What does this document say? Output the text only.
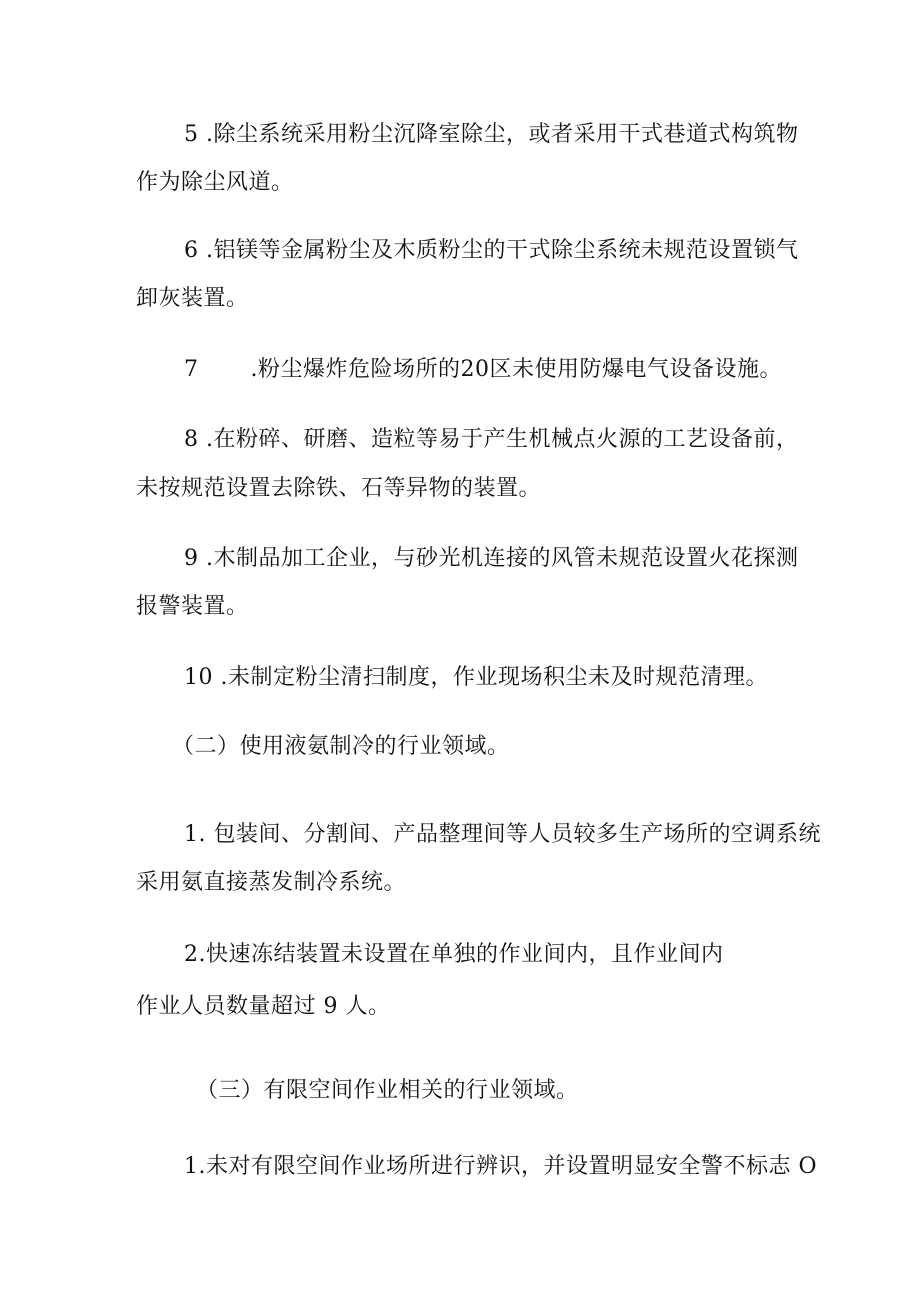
5 .除尘系统采用粉尘沉降室除尘，或者采用干式巷道式构筑物
作为除尘风道。
6 .铝镁等金属粉尘及木质粉尘的干式除尘系统未规范设置锁气
卸灰装置。
7 .粉尘爆炸危险场所的20区未使用防爆电气设备设施。
8 .在粉碎、研磨、造粒等易于产生机械点火源的工艺设备前，
未按规范设置去除铁、石等异物的装置。
9 .木制品加工企业，与砂光机连接的风管未规范设置火花探测
报警装置。
10 .未制定粉尘清扫制度，作业现场积尘未及时规范清理。
（二）使用液氨制冷的行业领域。
1. 包装间、分割间、产品整理间等人员较多生产场所的空调系统
采用氨直接蒸发制冷系统。
2.快速冻结装置未设置在单独的作业间内，且作业间内
作业人员数量超过 9 人。
（三）有限空间作业相关的行业领域。
1.未对有限空间作业场所进行辨识，并设置明显安全警不标志 O
